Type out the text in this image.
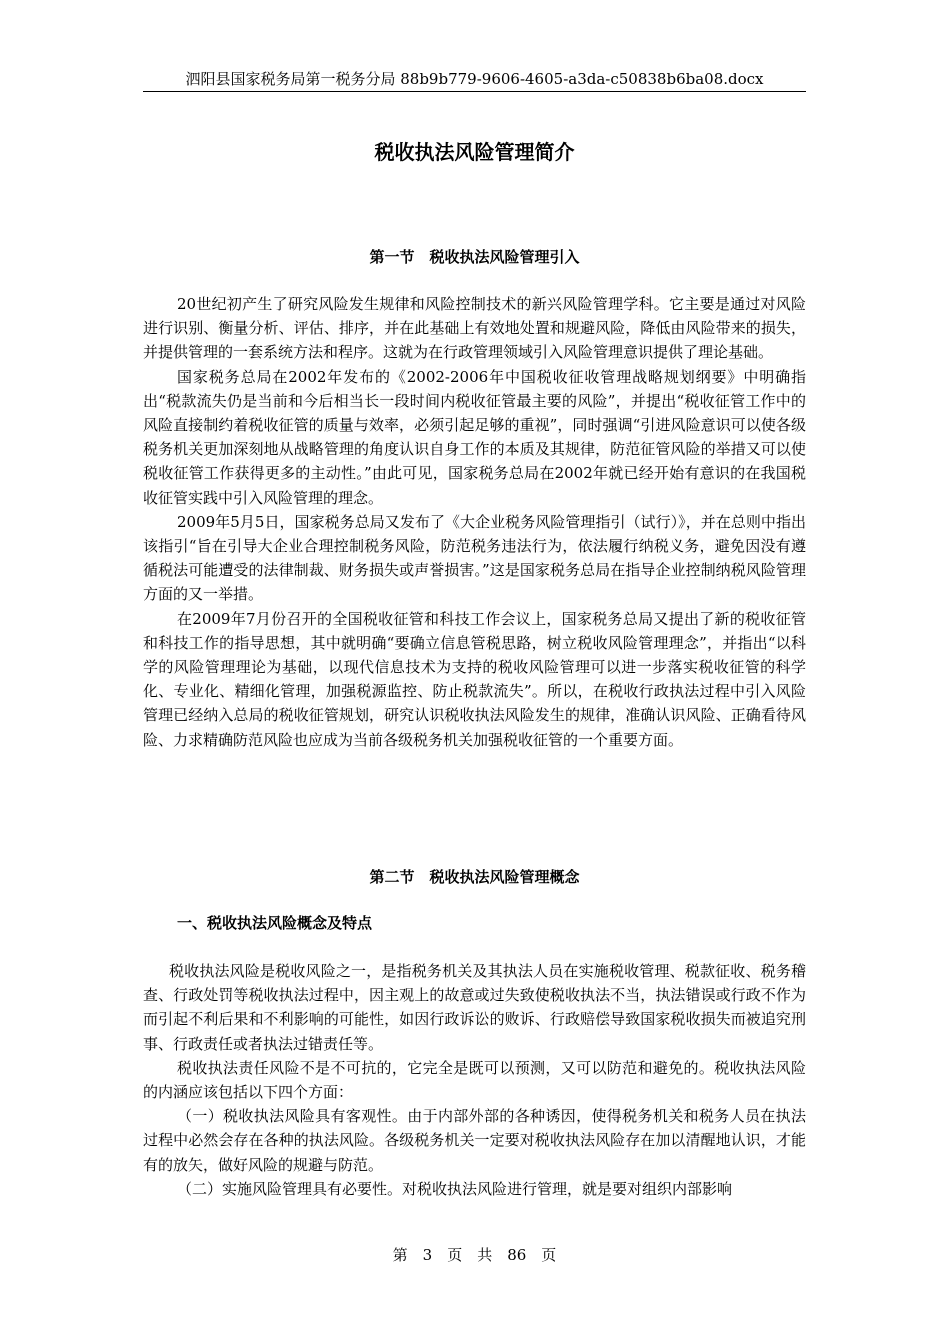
泗阳县国家税务局第一税务分局 88b9b779-9606-4605-a3da-c50838b6ba08.docx
税收执法风险管理简介
第一节　税收执法风险管理引入

20世纪初产生了研究风险发生规律和风险控制技术的新兴风险管理学科。它主要是通过对风险进行识别、衡量分析、评估、排序，并在此基础上有效地处置和规避风险，降低由风险带来的损失，并提供管理的一套系统方法和程序。这就为在行政管理领域引入风险管理意识提供了理论基础。

国家税务总局在2002年发布的《2002-2006年中国税收征收管理战略规划纲要》中明确指出“税款流失仍是当前和今后相当长一段时间内税收征管最主要的风险”，并提出“税收征管工作中的风险直接制约着税收征管的质量与效率，必须引起足够的重视”，同时强调“引进风险意识可以使各级税务机关更加深刻地从战略管理的角度认识自身工作的本质及其规律，防范征管风险的举措又可以使税收征管工作获得更多的主动性。”由此可见，国家税务总局在2002年就已经开始有意识的在我国税收征管实践中引入风险管理的理念。

2009年5月5日，国家税务总局又发布了《大企业税务风险管理指引（试行）》，并在总则中指出该指引“旨在引导大企业合理控制税务风险，防范税务违法行为，依法履行纳税义务，避免因没有遵循税法可能遭受的法律制裁、财务损失或声誉损害。”这是国家税务总局在指导企业控制纳税风险管理方面的又一举措。

在2009年7月份召开的全国税收征管和科技工作会议上，国家税务总局又提出了新的税收征管和科技工作的指导思想，其中就明确“要确立信息管税思路，树立税收风险管理理念”，并指出“以科学的风险管理理论为基础，以现代信息技术为支持的税收风险管理可以进一步落实税收征管的科学化、专业化、精细化管理，加强税源监控、防止税款流失”。所以，在税收行政执法过程中引入风险管理已经纳入总局的税收征管规划，研究认识税收执法风险发生的规律，准确认识风险、正确看待风险、力求精确防范风险也应成为当前各级税务机关加强税收征管的一个重要方面。

第二节　税收执法风险管理概念
一、税收执法风险概念及特点

税收执法风险是税收风险之一，是指税务机关及其执法人员在实施税收管理、税款征收、税务稽查、行政处罚等税收执法过程中，因主观上的故意或过失致使税收执法不当，执法错误或行政不作为而引起不利后果和不利影响的可能性，如因行政诉讼的败诉、行政赔偿导致国家税收损失而被追究刑事、行政责任或者执法过错责任等。

税收执法责任风险不是不可抗的，它完全是既可以预测，又可以防范和避免的。税收执法风险的内涵应该包括以下四个方面：

（一）税收执法风险具有客观性。由于内部外部的各种诱因，使得税务机关和税务人员在执法过程中必然会存在各种的执法风险。各级税务机关一定要对税收执法风险存在加以清醒地认识，才能有的放矢，做好风险的规避与防范。

（二）实施风险管理具有必要性。对税收执法风险进行管理，就是要对组织内部影响

第　3　页　共　86　页
